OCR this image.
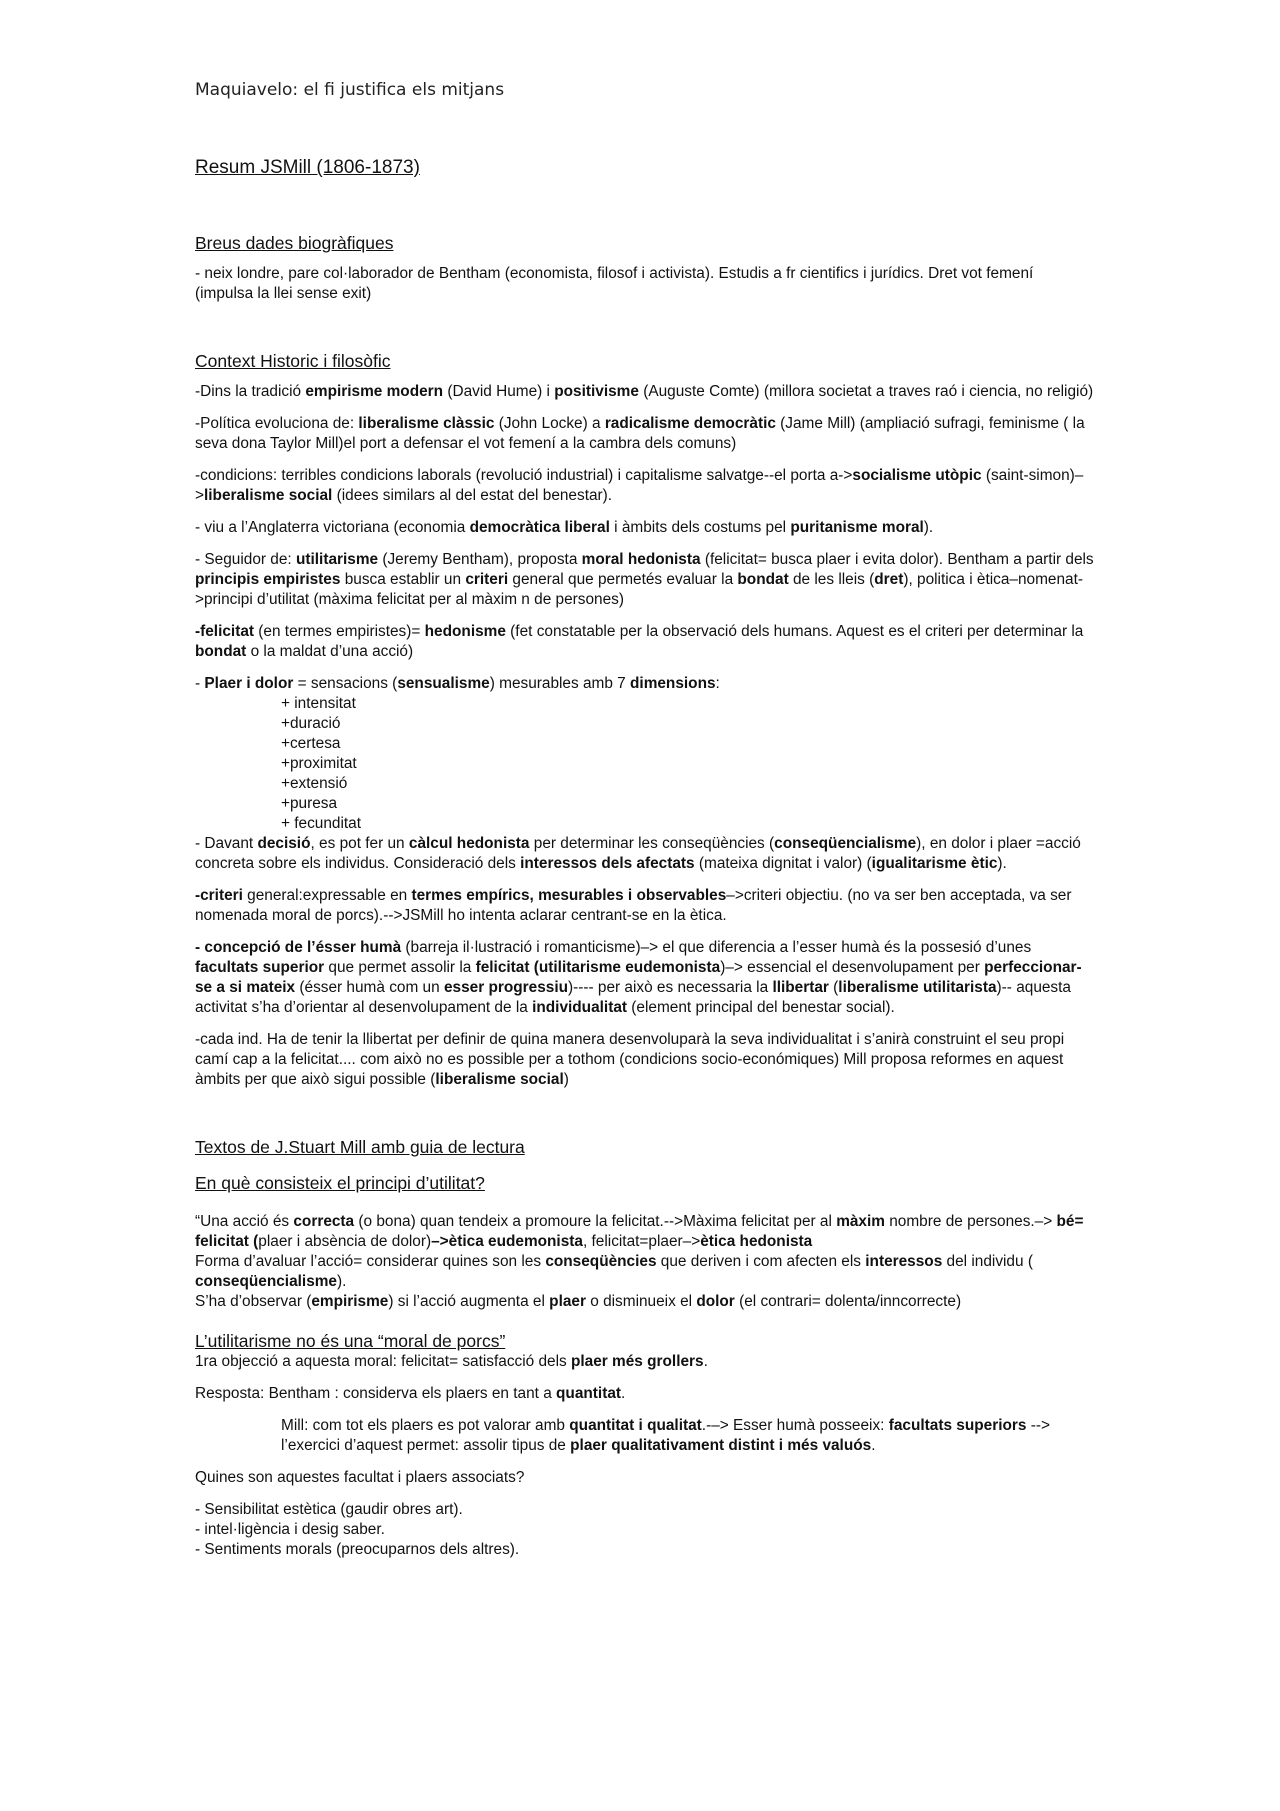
Maquiavelo: el fi justifica els mitjans
Resum JSMill (1806-1873)
Breus dades biogràfiques

- neix londre, pare col·laborador de Bentham (economista, filosof i activista). Estudis a fr cientifics i jurídics. Dret vot femení (impulsa la llei sense exit)

Context Historic i filosòfic

-Dins la tradició empirisme modern (David Hume) i positivisme (Auguste Comte) (millora societat a traves raó i ciencia, no religió)

-Política evoluciona de: liberalisme clàssic (John Locke) a radicalisme democràtic (Jame Mill) (ampliació sufragi, feminisme ( la seva dona Taylor Mill)el port a defensar el vot femení a la cambra dels comuns)

-condicions: terribles condicions laborals (revolució industrial) i capitalisme salvatge--el porta a->socialisme utòpic (saint-simon)–>liberalisme social (idees similars al del estat del benestar).

- viu a l’Anglaterra victoriana (economia democràtica liberal i àmbits dels costums pel puritanisme moral).

- Seguidor de: utilitarisme (Jeremy Bentham), proposta moral hedonista (felicitat= busca plaer i evita dolor). Bentham a partir dels principis empiristes busca establir un criteri general que permetés evaluar la bondat de les lleis (dret), politica i ètica–nomenat->principi d’utilitat (màxima felicitat per al màxim n de persones)

-felicitat (en termes empiristes)= hedonisme (fet constatable per la observació dels humans. Aquest es el criteri per determinar la bondat o la maldat d’una acció)

- Plaer i dolor = sensacions (sensualisme) mesurables amb 7 dimensions:

+ intensitat
+duració
+certesa
+proximitat
+extensió
+puresa
+ fecunditat

- Davant decisió, es pot fer un càlcul hedonista per determinar les conseqüències (conseqüencialisme), en dolor i plaer =acció concreta sobre els individus. Consideració dels interessos dels afectats (mateixa dignitat i valor) (igualitarisme ètic).

-criteri general:expressable en termes empírics, mesurables i observables–>criteri objectiu. (no va ser ben acceptada, va ser nomenada moral de porcs).-->JSMill ho intenta aclarar centrant-se en la ètica.

- concepció de l’ésser humà (barreja il·lustració i romanticisme)–> el que diferencia a l’esser humà és la possesió d’unes facultats superior que permet assolir la felicitat (utilitarisme eudemonista)–> essencial el desenvolupament per perfeccionar-se a si mateix (ésser humà com un esser progressiu)---- per això es necessaria la llibertar (liberalisme utilitarista)-- aquesta activitat s’ha d’orientar al desenvolupament de la individualitat (element principal del benestar social).

-cada ind. Ha de tenir la llibertat per definir de quina manera desenvoluparà la seva individualitat i s’anirà construint el seu propi camí cap a la felicitat.... com això no es possible per a tothom (condicions socio-económiques) Mill proposa reformes en aquest àmbits per que això sigui possible (liberalisme social)

Textos de J.Stuart Mill amb guia de lectura
En què consisteix el principi d’utilitat?

“Una acció és correcta (o bona) quan tendeix a promoure la felicitat.-->Màxima felicitat per al màxim nombre de persones.–> bé= felicitat (plaer i absència de dolor)–>ètica eudemonista, felicitat=plaer–>ètica hedonista

Forma d’avaluar l’acció= considerar quines son les conseqüències que deriven i com afecten els interessos del individu ( conseqüencialisme).

S’ha d’observar (empirisme) si l’acció augmenta el plaer o disminueix el dolor (el contrari= dolenta/inncorrecte)

L’utilitarisme no és una “moral de porcs”

1ra objecció a aquesta moral: felicitat= satisfacció dels plaer més grollers.

Resposta: Bentham : considerva els plaers en tant a quantitat.

Mill: com tot els plaers es pot valorar amb quantitat i qualitat.-–> Esser humà posseeix: facultats superiors --> l’exercici d’aquest permet: assolir tipus de plaer qualitativament distint i més valuós.

Quines son aquestes facultat i plaers associats?

- Sensibilitat estètica (gaudir obres art).
- intel·ligència i desig saber.
- Sentiments morals (preocuparnos dels altres).
